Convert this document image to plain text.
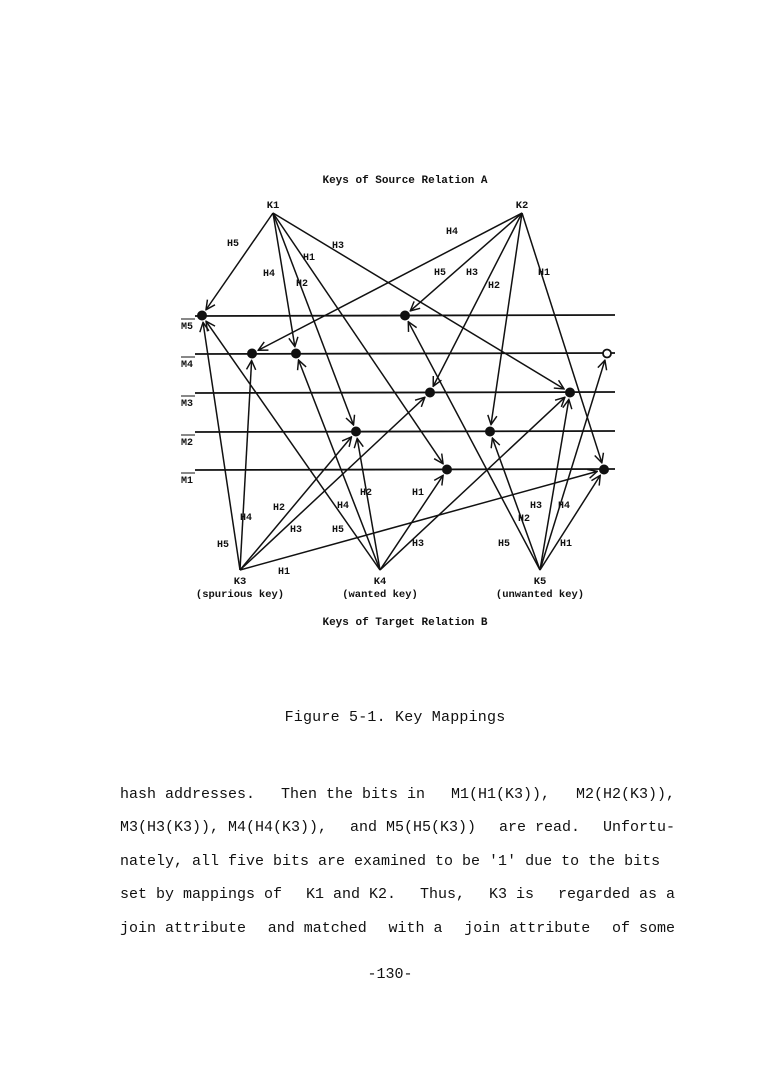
Keys of Source Relation A
Keys of Target Relation B
M5
M4
M3
M2
M1
H5
H4
H2
H1
H3
H4
H5 H3
H2
H1
H5
H4
H2
H3
H1
H4
H5
H2	H1
H3	H5
H2
H3 H4
H1
K1	K2
K3
(spurious key)
K4
(wanted key)
K5
(unwanted key)
Figure 5-1. Key Mappings
hash addresses. Then the bits in M1(H1(K3)), M2(H2(K3)),
M3(H3(K3)), M4(H4(K3)), and M5(H5(K3)) are read. Unfortu-
nately, all five bits are examined to be '1' due to the bits
set by mappings of K1 and K2. Thus, K3 is regarded as a
join attribute and matched with a join attribute of some
-130-
